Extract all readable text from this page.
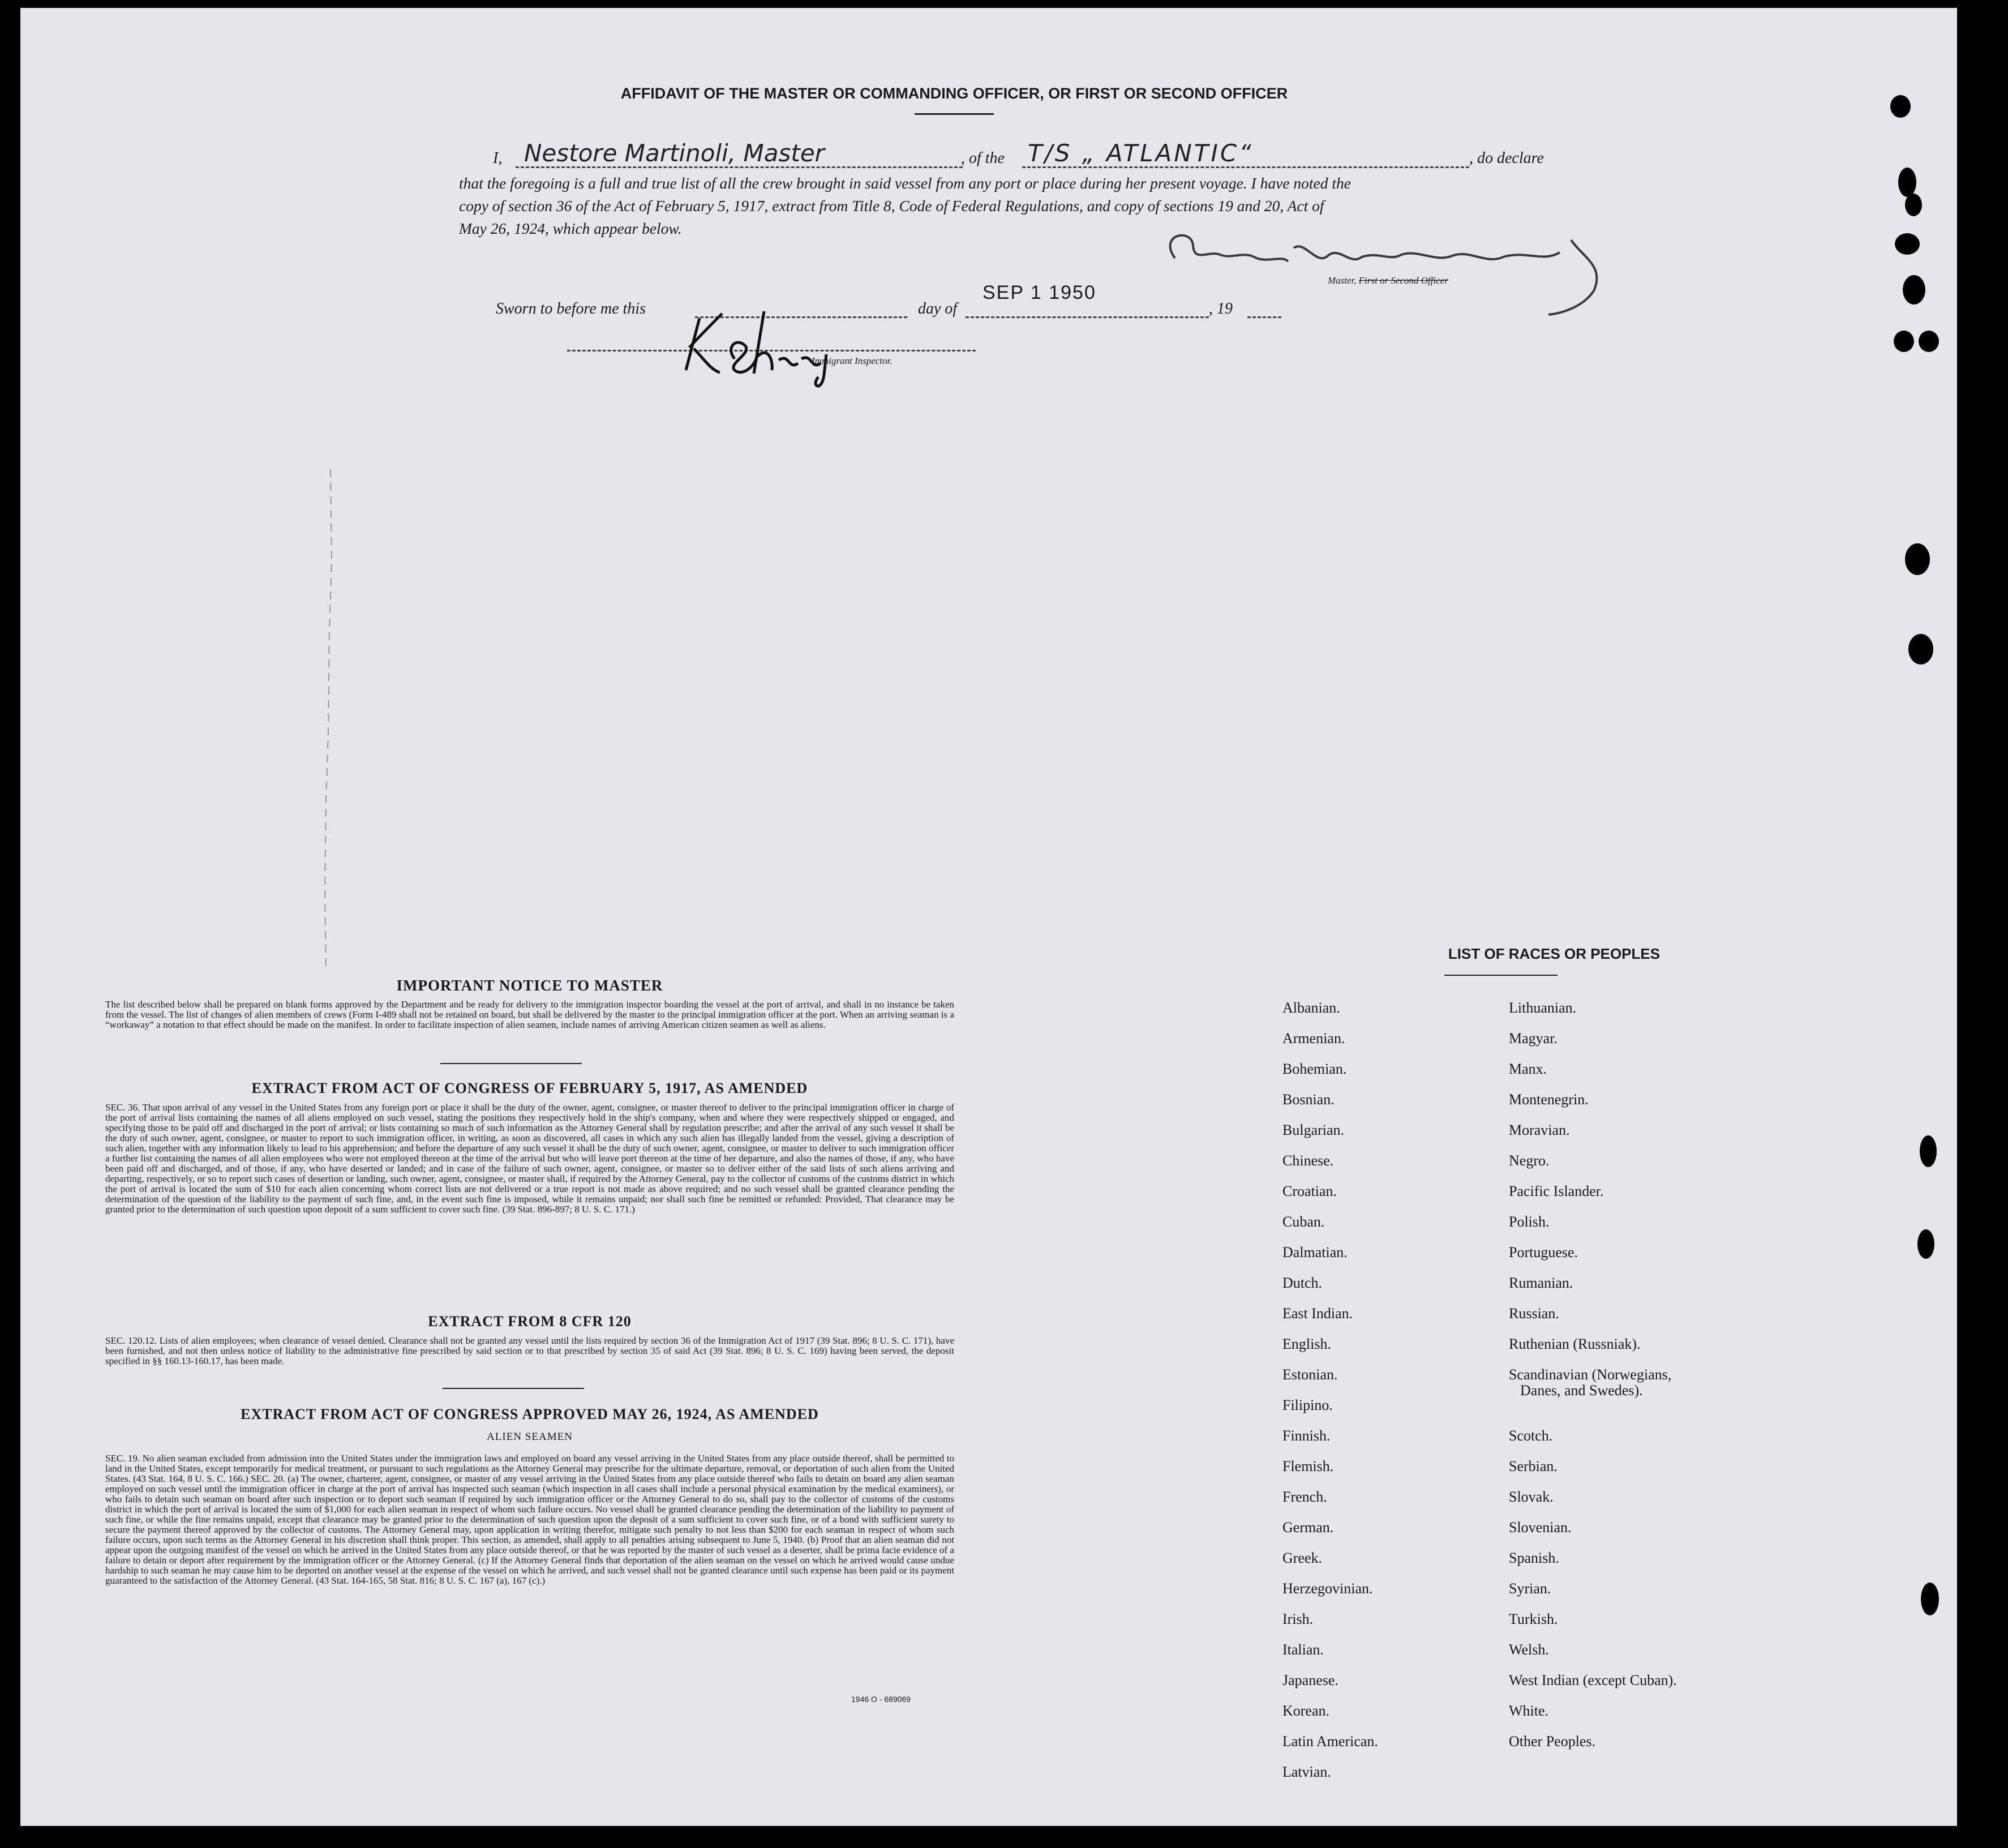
AFFIDAVIT OF THE MASTER OR COMMANDING OFFICER, OR FIRST OR SECOND OFFICER
I, Nestore Martinoli, Master	, of the T/S „ ATLANTIC“	, do declare
that the foregoing is a full and true list of all the crew brought in said vessel from any port or place during her present voyage. I have noted the
copy of section 36 of the Act of February 5, 1917, extract from Title 8, Code of Federal Regulations, and copy of sections 19 and 20, Act of
May 26, 1924, which appear below.
Master, First or Second Officer
Sworn to before me this	day of
SEP 1 1950
, 19
Immigrant Inspector.
IMPORTANT NOTICE TO MASTER
The list described below shall be prepared on blank forms approved by the Department and be ready for delivery to the immigration inspector boarding the vessel at the port of arrival, and shall in no instance be taken from the vessel. The list of changes of alien members of crews (Form I-489 shall not be retained on board, but shall be delivered by the master to the principal immigration officer at the port. When an arriving seaman is a “workaway” a notation to that effect should be made on the manifest. In order to facilitate inspection of alien seamen, include names of arriving American citizen seamen as well as aliens.
EXTRACT FROM ACT OF CONGRESS OF FEBRUARY 5, 1917, AS AMENDED
SEC. 36. That upon arrival of any vessel in the United States from any foreign port or place it shall be the duty of the owner, agent, consignee, or master thereof to deliver to the principal immigration officer in charge of the port of arrival lists containing the names of all aliens employed on such vessel, stating the positions they respectively hold in the ship's company, when and where they were respectively shipped or engaged, and specifying those to be paid off and discharged in the port of arrival; or lists containing so much of such information as the Attorney General shall by regulation prescribe; and after the arrival of any such vessel it shall be the duty of such owner, agent, consignee, or master to report to such immigration officer, in writing, as soon as discovered, all cases in which any such alien has illegally landed from the vessel, giving a description of such alien, together with any information likely to lead to his apprehension; and before the departure of any such vessel it shall be the duty of such owner, agent, consignee, or master to deliver to such immigration officer a further list containing the names of all alien employees who were not employed thereon at the time of the arrival but who will leave port thereon at the time of her departure, and also the names of those, if any, who have been paid off and discharged, and of those, if any, who have deserted or landed; and in case of the failure of such owner, agent, consignee, or master so to deliver either of the said lists of such aliens arriving and departing, respectively, or so to report such cases of desertion or landing, such owner, agent, consignee, or master shall, if required by the Attorney General, pay to the collector of customs of the customs district in which the port of arrival is located the sum of $10 for each alien concerning whom correct lists are not delivered or a true report is not made as above required; and no such vessel shall be granted clearance pending the determination of the question of the liability to the payment of such fine, and, in the event such fine is imposed, while it remains unpaid; nor shall such fine be remitted or refunded: Provided, That clearance may be granted prior to the determination of such question upon deposit of a sum sufficient to cover such fine. (39 Stat. 896-897; 8 U. S. C. 171.)
EXTRACT FROM 8 CFR 120
SEC. 120.12. Lists of alien employees; when clearance of vessel denied. Clearance shall not be granted any vessel until the lists required by section 36 of the Immigration Act of 1917 (39 Stat. 896; 8 U. S. C. 171), have been furnished, and not then unless notice of liability to the administrative fine prescribed by said section or to that prescribed by section 35 of said Act (39 Stat. 896; 8 U. S. C. 169) having been served, the deposit specified in §§ 160.13-160.17, has been made.
EXTRACT FROM ACT OF CONGRESS APPROVED MAY 26, 1924, AS AMENDED
ALIEN SEAMEN
SEC. 19. No alien seaman excluded from admission into the United States under the immigration laws and employed on board any vessel arriving in the United States from any place outside thereof, shall be permitted to land in the United States, except temporarily for medical treatment, or pursuant to such regulations as the Attorney General may prescribe for the ultimate departure, removal, or deportation of such alien from the United States. (43 Stat. 164, 8 U. S. C. 166.) SEC. 20. (a) The owner, charterer, agent, consignee, or master of any vessel arriving in the United States from any place outside thereof who fails to detain on board any alien seaman employed on such vessel until the immigration officer in charge at the port of arrival has inspected such seaman (which inspection in all cases shall include a personal physical examination by the medical examiners), or who fails to detain such seaman on board after such inspection or to deport such seaman if required by such immigration officer or the Attorney General to do so, shall pay to the collector of customs of the customs district in which the port of arrival is located the sum of $1,000 for each alien seaman in respect of whom such failure occurs. No vessel shall be granted clearance pending the determination of the liability to payment of such fine, or while the fine remains unpaid, except that clearance may be granted prior to the determination of such question upon the deposit of a sum sufficient to cover such fine, or of a bond with sufficient surety to secure the payment thereof approved by the collector of customs. The Attorney General may, upon application in writing therefor, mitigate such penalty to not less than $200 for each seaman in respect of whom such failure occurs, upon such terms as the Attorney General in his discretion shall think proper. This section, as amended, shall apply to all penalties arising subsequent to June 5, 1940. (b) Proof that an alien seaman did not appear upon the outgoing manifest of the vessel on which he arrived in the United States from any place outside thereof, or that he was reported by the master of such vessel as a deserter, shall be prima facie evidence of a failure to detain or deport after requirement by the immigration officer or the Attorney General. (c) If the Attorney General finds that deportation of the alien seaman on the vessel on which he arrived would cause undue hardship to such seaman he may cause him to be deported on another vessel at the expense of the vessel on which he arrived, and such vessel shall not be granted clearance until such expense has been paid or its payment guaranteed to the satisfaction of the Attorney General. (43 Stat. 164-165, 58 Stat. 816; 8 U. S. C. 167 (a), 167 (c).)
1946 O - 689069
LIST OF RACES OR PEOPLES
Albanian.
Armenian.
Bohemian.
Bosnian.
Bulgarian.
Chinese.
Croatian.
Cuban.
Dalmatian.
Dutch.
East Indian.
English.
Estonian.
Filipino.
Finnish.
Flemish.
French.
German.
Greek.
Herzegovinian.
Irish.
Italian.
Japanese.
Korean.
Latin American.
Latvian.
Lithuanian.
Magyar.
Manx.
Montenegrin.
Moravian.
Negro.
Pacific Islander.
Polish.
Portuguese.
Rumanian.
Russian.
Ruthenian (Russniak).
Scandinavian (Norwegians,
Danes, and Swedes).
Scotch.
Serbian.
Slovak.
Slovenian.
Spanish.
Syrian.
Turkish.
Welsh.
West Indian (except Cuban).
White.
Other Peoples.
